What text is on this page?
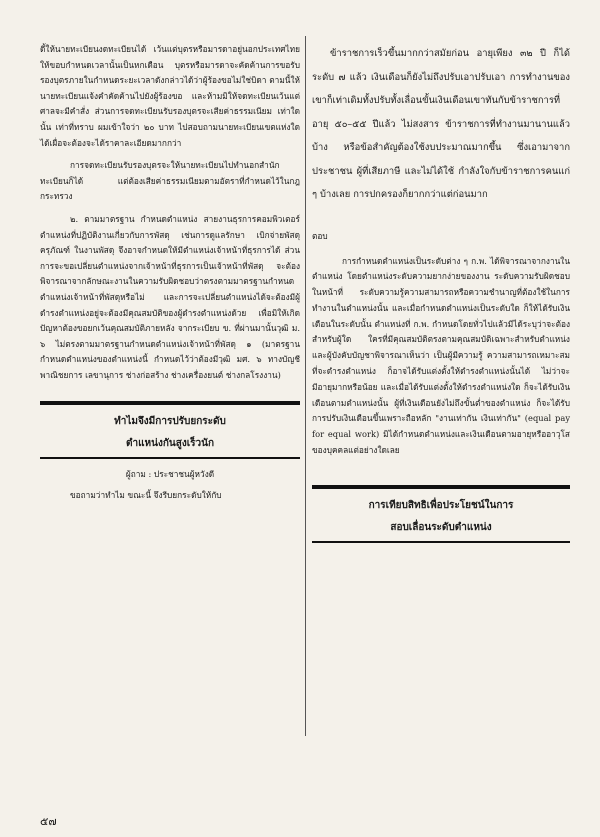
ดี้ให้นายทะเบียนงดทะเบียนได้ เว้นแต่บุตรหรือมารดาอยู่นอกประเทศไทย ให้ขอบกำหนดเวลานั้นเป็นหกเดือน บุตรหรือมารดาจะคัดค้านการขอรับรองบุตรภายในกำหนดระยะเวลาดังกล่าวได้ว่าผู้ร้องขอไม่ใช่บิดา ตามนี้ให้นายทะเบียนแจ้งคำคัดค้านไปยังผู้ร้องขอ และห้ามมิให้จดทะเบียนเว้นแต่ศาลจะมีคำสั่ง ส่วนการจดทะเบียนรับรองบุตรจะเสียค่าธรรมเนียม เท่าใดนั้น เท่าที่ทราบ ผมเข้าใจว่า ๒๐ บาท ไปสอบถามนายทะเบียนเขตแห่งใดได้เผื่อจะต้องจะได้ราคาละเอียดมากกว่า

การจดทะเบียนรับรองบุตรจะให้นายทะเบียนไปทำนอกสำนักทะเบียนก็ได้ แต่ต้องเสียค่าธรรมเนียมตามอัตราที่กำหนดไว้ในกฎกระทรวง

๒. ตามมาตรฐาน กำหนดตำแหน่ง สายงานธุรการคอมพิวเตอร์ ตำแหน่งที่ปฏิบัติงานเกี่ยวกับการพัสดุ เช่นการดูแลรักษา เบิกจ่ายพัสดุครุภัณฑ์ ในงานพัสดุ จึงอาจกำหนดให้มีตำแหน่งเจ้าหน้าที่ธุรการได้ ส่วนการจะขอเปลี่ยนตำแหน่งจากเจ้าหน้าที่ธุรการเป็นเจ้าหน้าที่พัสดุ จะต้องพิจารณาจากลักษณะงานในความรับผิดชอบว่าตรงตามมาตรฐานกำหนดตำแหน่งเจ้าหน้าที่พัสดุหรือไม่ และการจะเปลี่ยนตำแหน่งได้จะต้องมีผู้ดำรงตำแหน่งอยู่จะต้องมีคุณสมบัติของผู้ดำรงตำแหน่งด้วย เพื่อมิให้เกิดปัญหาต้องขอยกเว้นคุณสมบัติภายหลัง จากระเบียบ ข. ที่ผ่านมานั้นวุฒิ ม. ๖ ไม่ตรงตามมาตรฐานกำหนดตำแหน่งเจ้าหน้าที่พัสดุ ๑ (มาตรฐานกำหนดตำแหน่งของตำแหน่งนี้ กำหนดไว้ว่าต้องมีวุฒิ มศ. ๖ ทางบัญชี พาณิชยการ เลขานุการ ช่างก่อสร้าง ช่างเครื่องยนต์ ช่างกลโรงงาน)

ทำไมจึงมีการปรับยกระดับ
ตำแหน่งกันสูงเร็วนัก
ผู้ถาม : ประชาชนผู้หวังดี
ขอถามว่าทำไม ขณะนี้ จึงรีบยกระดับให้กับ

ข้าราชการเร็วขึ้นมากกว่าสมัยก่อน อายุเพียง ๓๒ ปี ก็ได้ระดับ ๗ แล้ว เงินเดือนก็ยังไม่ถึงปรับเอาปรับเอา การทำงานของเขาก็เท่าเดิมทั้งปรับทั้งเลื่อนขั้นเงินเดือนเขาทันกับข้าราชการที่อายุ ๕๐–๕๕ ปีแล้ว ไม่สงสาร ข้าราชการที่ทำงานมานานแล้ว บ้าง หรือข้อสำคัญต้องใช้งบประมาณมากขึ้น ซึ่งเอามาจากประชาชน ผู้ที่เสียภาษี และไม่ได้ใช้ กำลังใจกับข้าราชการคนแก่ ๆ บ้างเลย การปกครองก็ยากกว่าแต่ก่อนมาก

ตอบ

การกำหนดตำแหน่งเป็นระดับต่าง ๆ ก.พ. ได้พิจารณาจากงานในตำแหน่ง โดยตำแหน่งระดับความยากง่ายของงาน ระดับความรับผิดชอบในหน้าที่ ระดับความรู้ความสามารถหรือความชำนาญที่ต้องใช้ในการทำงานในตำแหน่งนั้น และเมื่อกำหนดตำแหน่งเป็นระดับใด ก็ให้ได้รับเงินเดือนในระดับนั้น ตำแหน่งที่ ก.พ. กำหนดโดยทั่วไปแล้วมีได้ระบุว่าจะต้องสำหรับผู้ใด ใครที่มีคุณสมบัติตรงตามคุณสมบัติเฉพาะสำหรับตำแหน่ง และผู้บังคับบัญชาพิจารณาเห็นว่า เป็นผู้มีความรู้ ความสามารถเหมาะสมที่จะดำรงตำแหน่ง ก็อาจได้รับแต่งตั้งให้ดำรงตำแหน่งนั้นได้ ไม่ว่าจะมีอายุมากหรือน้อย และเมื่อได้รับแต่งตั้งให้ดำรงตำแหน่งใด ก็จะได้รับเงินเดือนตามตำแหน่งนั้น ผู้ที่เงินเดือนยังไม่ถึงขั้นต่ำของตำแหน่ง ก็จะได้รับการปรับเงินเดือนขึ้นเพราะถือหลัก "งานเท่ากัน เงินเท่ากัน" (equal pay for equal work) มิได้กำหนดตำแหน่งและเงินเดือนตามอายุหรืออาวุโสของบุคคลแต่อย่างใดเลย

การเทียบสิทธิเพื่อประโยชน์ในการ
สอบเลื่อนระดับตำแหน่ง
๕๗
